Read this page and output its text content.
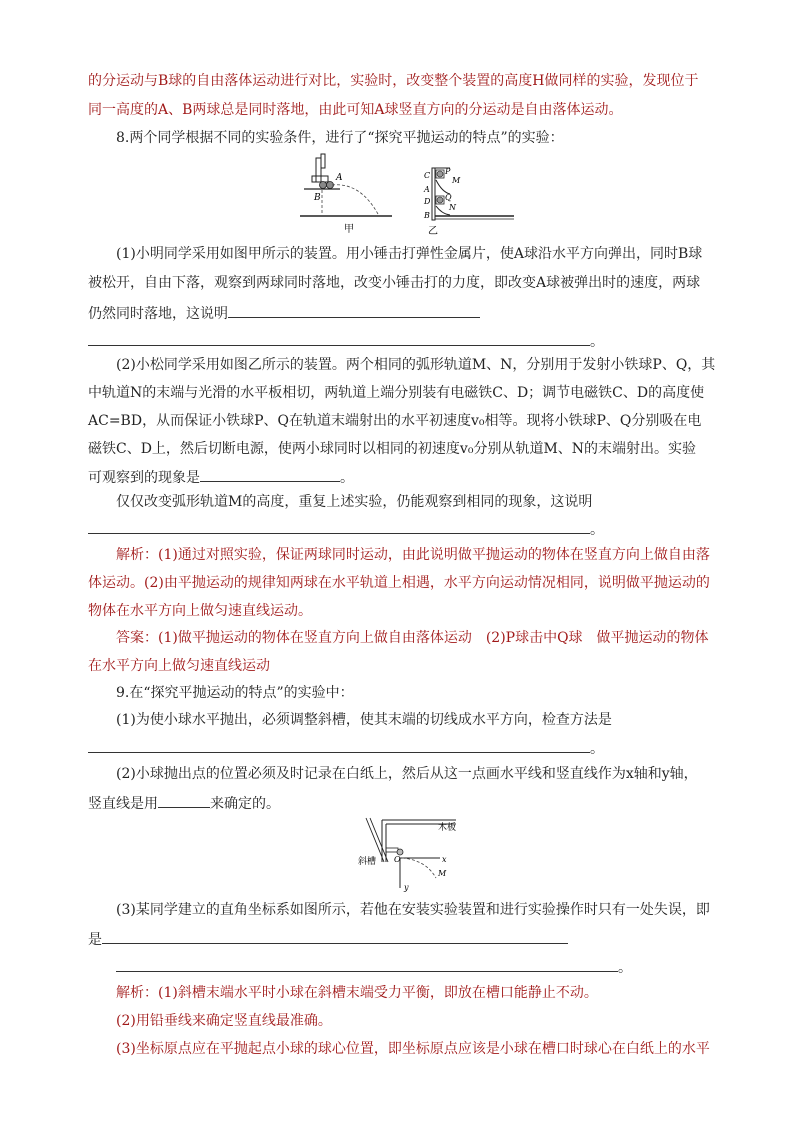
的分运动与B球的自由落体运动进行对比，实验时，改变整个装置的高度H做同样的实验，发现位于
同一高度的A、B两球总是同时落地，由此可知A球竖直方向的分运动是自由落体运动。
8.两个同学根据不同的实验条件，进行了“探究平抛运动的特点”的实验：
A
B
甲
P
M
C
Q
D
N
A
B
乙
(1)小明同学采用如图甲所示的装置。用小锤击打弹性金属片，使A球沿水平方向弹出，同时B球
被松开，自由下落，观察到两球同时落地，改变小锤击打的力度，即改变A球被弹出时的速度，两球
仍然同时落地，这说明
。
(2)小松同学采用如图乙所示的装置。两个相同的弧形轨道M、N，分别用于发射小铁球P、Q，其
中轨道N的末端与光滑的水平板相切，两轨道上端分别装有电磁铁C、D；调节电磁铁C、D的高度使
AC=BD，从而保证小铁球P、Q在轨道末端射出的水平初速度v₀相等。现将小铁球P、Q分别吸在电
磁铁C、D上，然后切断电源，使两小球同时以相同的初速度v₀分别从轨道M、N的末端射出。实验
可观察到的现象是	。
仅仅改变弧形轨道M的高度，重复上述实验，仍能观察到相同的现象，这说明
。
解析：(1)通过对照实验，保证两球同时运动，由此说明做平抛运动的物体在竖直方向上做自由落
体运动。(2)由平抛运动的规律知两球在水平轨道上相遇，水平方向运动情况相同，说明做平抛运动的
物体在水平方向上做匀速直线运动。
答案：(1)做平抛运动的物体在竖直方向上做自由落体运动　(2)P球击中Q球　做平抛运动的物体
在水平方向上做匀速直线运动
9.在“探究平抛运动的特点”的实验中：
(1)为使小球水平抛出，必须调整斜槽，使其末端的切线成水平方向，检查方法是
。
(2)小球抛出点的位置必须及时记录在白纸上，然后从这一点画水平线和竖直线作为x轴和y轴，
竖直线是用	来确定的。
木板
斜槽 O	x
y
M
(3)某同学建立的直角坐标系如图所示，若他在安装实验装置和进行实验操作时只有一处失误，即
是
。
解析：(1)斜槽末端水平时小球在斜槽末端受力平衡，即放在槽口能静止不动。
(2)用铅垂线来确定竖直线最准确。
(3)坐标原点应在平抛起点小球的球心位置，即坐标原点应该是小球在槽口时球心在白纸上的水平
